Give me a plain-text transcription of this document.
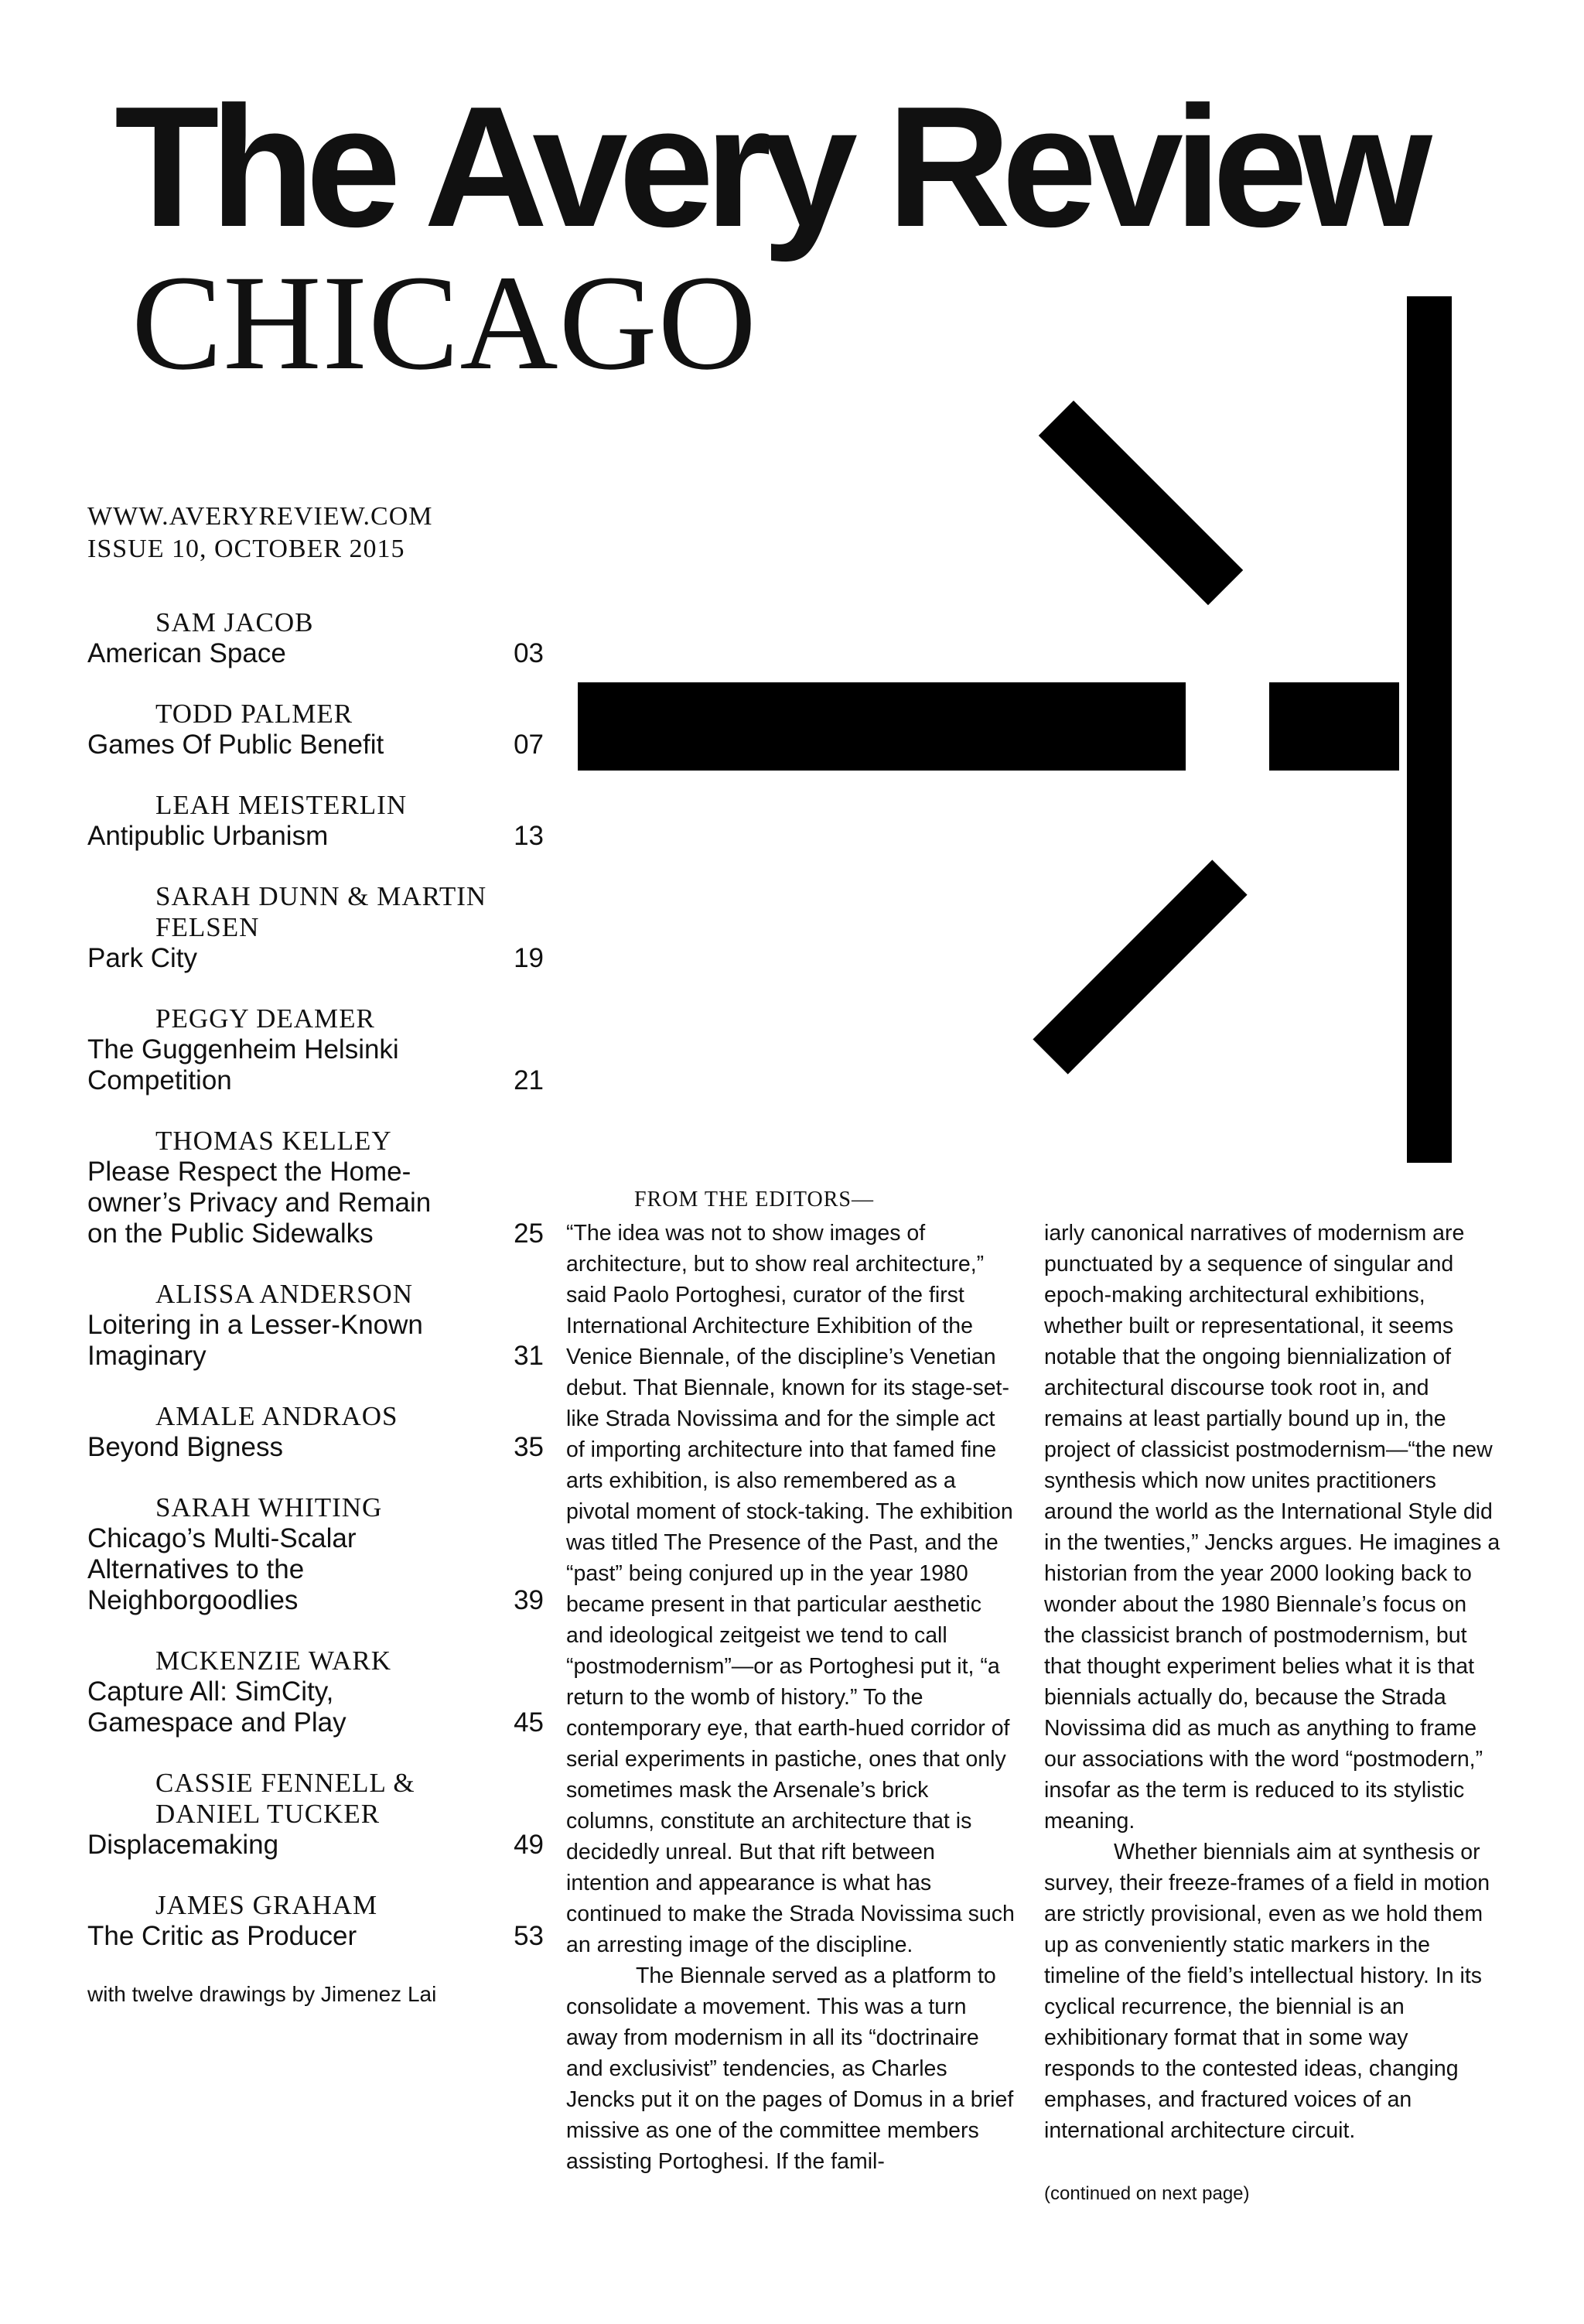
The Avery Review
CHICAGO
WWW.AVERYREVIEW.COM
ISSUE 10, OCTOBER 2015
SAM JACOB
American Space	03
TODD PALMER
Games Of Public Benefit	07
LEAH MEISTERLIN
Antipublic Urbanism	13
SARAH DUNN & MARTIN FELSEN
Park City	19
PEGGY DEAMER
The Guggenheim Helsinki Competition	21
THOMAS KELLEY
Please Respect the Home-owner’s Privacy and Remain on the Public Sidewalks	25
ALISSA ANDERSON
Loitering in a Lesser-Known Imaginary	31
AMALE ANDRAOS
Beyond Bigness	35
SARAH WHITING
Chicago’s Multi-Scalar Alternatives to the Neighborgoodlies	39
MCKENZIE WARK
Capture All: SimCity, Gamespace and Play	45
CASSIE FENNELL & DANIEL TUCKER
Displacemaking	49
JAMES GRAHAM
The Critic as Producer	53
with twelve drawings by Jimenez Lai
FROM THE EDITORS—

“The idea was not to show images of architecture, but to show real architecture,” said Paolo Portoghesi, curator of the first International Architecture Exhibition of the Venice Biennale, of the discipline’s Venetian debut. That Biennale, known for its stage-set-like Strada Novissima and for the simple act of importing architecture into that famed fine arts exhibition, is also remembered as a pivotal moment of stock-taking. The exhibition was titled The Presence of the Past, and the “past” being conjured up in the year 1980 became present in that particular aesthetic and ideological zeitgeist we tend to call “postmodernism”—or as Portoghesi put it, “a return to the womb of history.” To the contemporary eye, that earth-hued corridor of serial experiments in pastiche, ones that only sometimes mask the Arsenale’s brick columns, constitute an architecture that is decidedly unreal. But that rift between intention and appearance is what has continued to make the Strada Novissima such an arresting image of the discipline.

The Biennale served as a platform to consolidate a movement. This was a turn away from modernism in all its “doctrinaire and exclusivist” tendencies, as Charles Jencks put it on the pages of Domus in a brief missive as one of the committee members assisting Portoghesi. If the famil-

iarly canonical narratives of modernism are punctuated by a sequence of singular and epoch-making architectural exhibitions, whether built or representational, it seems notable that the ongoing biennialization of architectural discourse took root in, and remains at least partially bound up in, the project of classicist postmodernism—“the new synthesis which now unites practitioners around the world as the International Style did in the twenties,” Jencks argues. He imagines a historian from the year 2000 looking back to wonder about the 1980 Biennale’s focus on the classicist branch of postmodernism, but that thought experiment belies what it is that biennials actually do, because the Strada Novissima did as much as anything to frame our associations with the word “postmodern,” insofar as the term is reduced to its stylistic meaning.

Whether biennials aim at synthesis or survey, their freeze-frames of a field in motion are strictly provisional, even as we hold them up as conveniently static markers in the timeline of the field’s intellectual history. In its cyclical recurrence, the biennial is an exhibitionary format that in some way responds to the contested ideas, changing emphases, and fractured voices of an international architecture circuit.

(continued on next page)
